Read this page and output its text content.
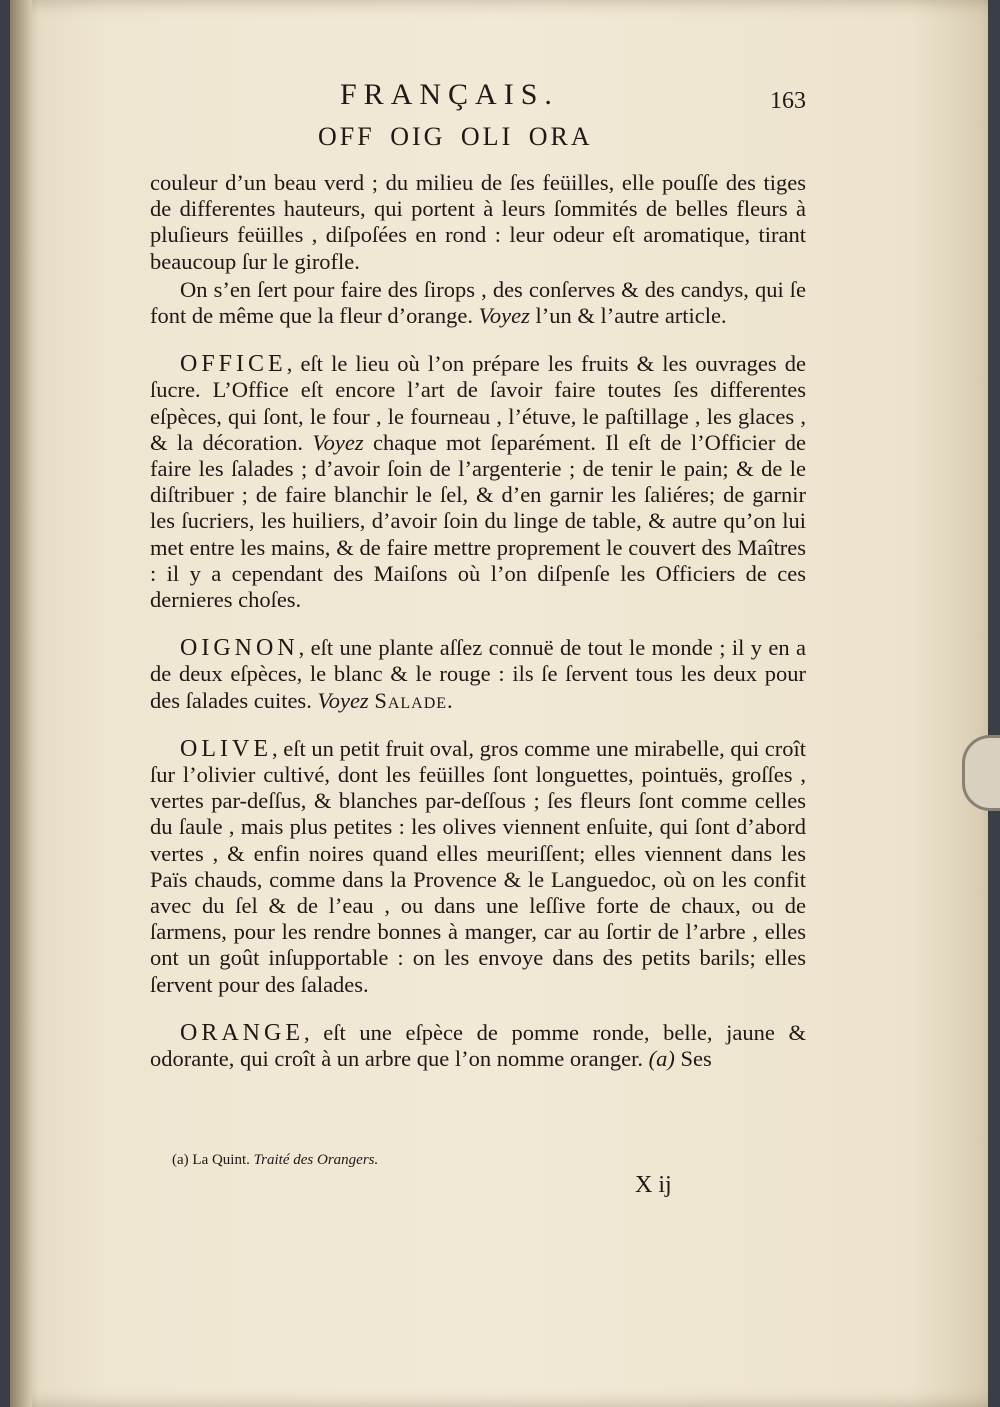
FRANÇAIS.	163
OFF OIG OLI ORA

couleur d’un beau verd ; du milieu de ſes feüilles, elle pouſſe des tiges de differentes hauteurs, qui portent à leurs ſommités de belles fleurs à pluſieurs feüilles , diſpoſées en rond : leur odeur eſt aromatique, tirant beaucoup ſur le girofle.

On s’en ſert pour faire des ſirops , des conſerves & des candys, qui ſe font de même que la fleur d’orange. Voyez l’un & l’autre article.

OFFICE, eſt le lieu où l’on prépare les fruits & les ouvrages de ſucre. L’Office eſt encore l’art de ſavoir faire toutes ſes differentes eſpèces, qui ſont, le four , le fourneau , l’étuve, le paſtillage , les glaces , & la décoration. Voyez chaque mot ſeparément. Il eſt de l’Officier de faire les ſalades ; d’avoir ſoin de l’argenterie ; de tenir le pain; & de le diſtribuer ; de faire blanchir le ſel, & d’en garnir les ſaliéres; de garnir les ſucriers, les huiliers, d’avoir ſoin du linge de table, & autre qu’on lui met entre les mains, & de faire mettre proprement le couvert des Maîtres : il y a cependant des Maiſons où l’on diſpenſe les Officiers de ces dernieres choſes.

OIGNON, eſt une plante aſſez connuë de tout le monde ; il y en a de deux eſpèces, le blanc & le rouge : ils ſe ſervent tous les deux pour des ſalades cuites. Voyez Salade.

OLIVE, eſt un petit fruit oval, gros comme une mirabelle, qui croît ſur l’olivier cultivé, dont les feüilles ſont longuettes, pointuës, groſſes , vertes par-deſſus, & blanches par-deſſous ; ſes fleurs ſont comme celles du ſaule , mais plus petites : les olives viennent enſuite, qui ſont d’abord vertes , & enfin noires quand elles meuriſſent; elles viennent dans les Païs chauds, comme dans la Provence & le Languedoc, où on les confit avec du ſel & de l’eau , ou dans une leſſive forte de chaux, ou de ſarmens, pour les rendre bonnes à manger, car au ſortir de l’arbre , elles ont un goût inſupportable : on les envoye dans des petits barils; elles ſervent pour des ſalades.

ORANGE, eſt une eſpèce de pomme ronde, belle, jaune & odorante, qui croît à un arbre que l’on nomme oranger. (a) Ses

(a) La Quint. Traité des Orangers.
X ij
